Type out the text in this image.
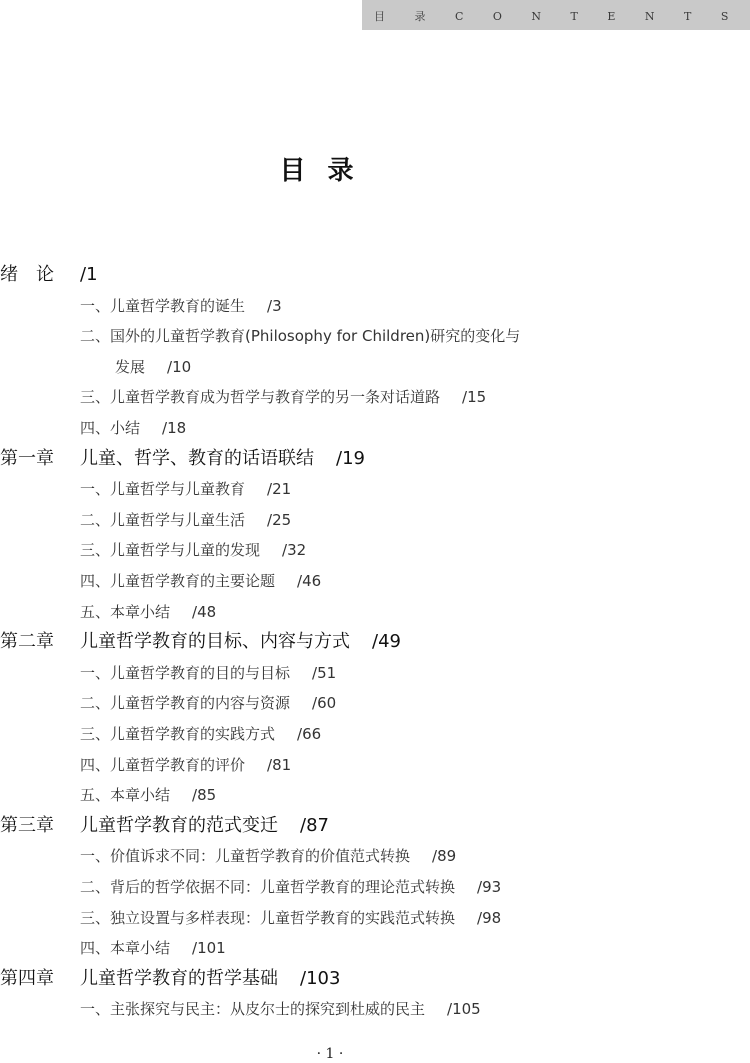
目 录 C O N T E N T S
目录
绪　论 /1
一、儿童哲学教育的诞生 /3
二、国外的儿童哲学教育(Philosophy for Children)研究的变化与
发展 /10
三、儿童哲学教育成为哲学与教育学的另一条对话道路 /15
四、小结 /18
第一章 儿童、哲学、教育的话语联结 /19
一、儿童哲学与儿童教育 /21
二、儿童哲学与儿童生活 /25
三、儿童哲学与儿童的发现 /32
四、儿童哲学教育的主要论题 /46
五、本章小结 /48
第二章 儿童哲学教育的目标、内容与方式 /49
一、儿童哲学教育的目的与目标 /51
二、儿童哲学教育的内容与资源 /60
三、儿童哲学教育的实践方式 /66
四、儿童哲学教育的评价 /81
五、本章小结 /85
第三章 儿童哲学教育的范式变迁 /87
一、价值诉求不同：儿童哲学教育的价值范式转换 /89
二、背后的哲学依据不同：儿童哲学教育的理论范式转换 /93
三、独立设置与多样表现：儿童哲学教育的实践范式转换 /98
四、本章小结 /101
第四章 儿童哲学教育的哲学基础 /103
一、主张探究与民主：从皮尔士的探究到杜威的民主 /105
· 1 ·
